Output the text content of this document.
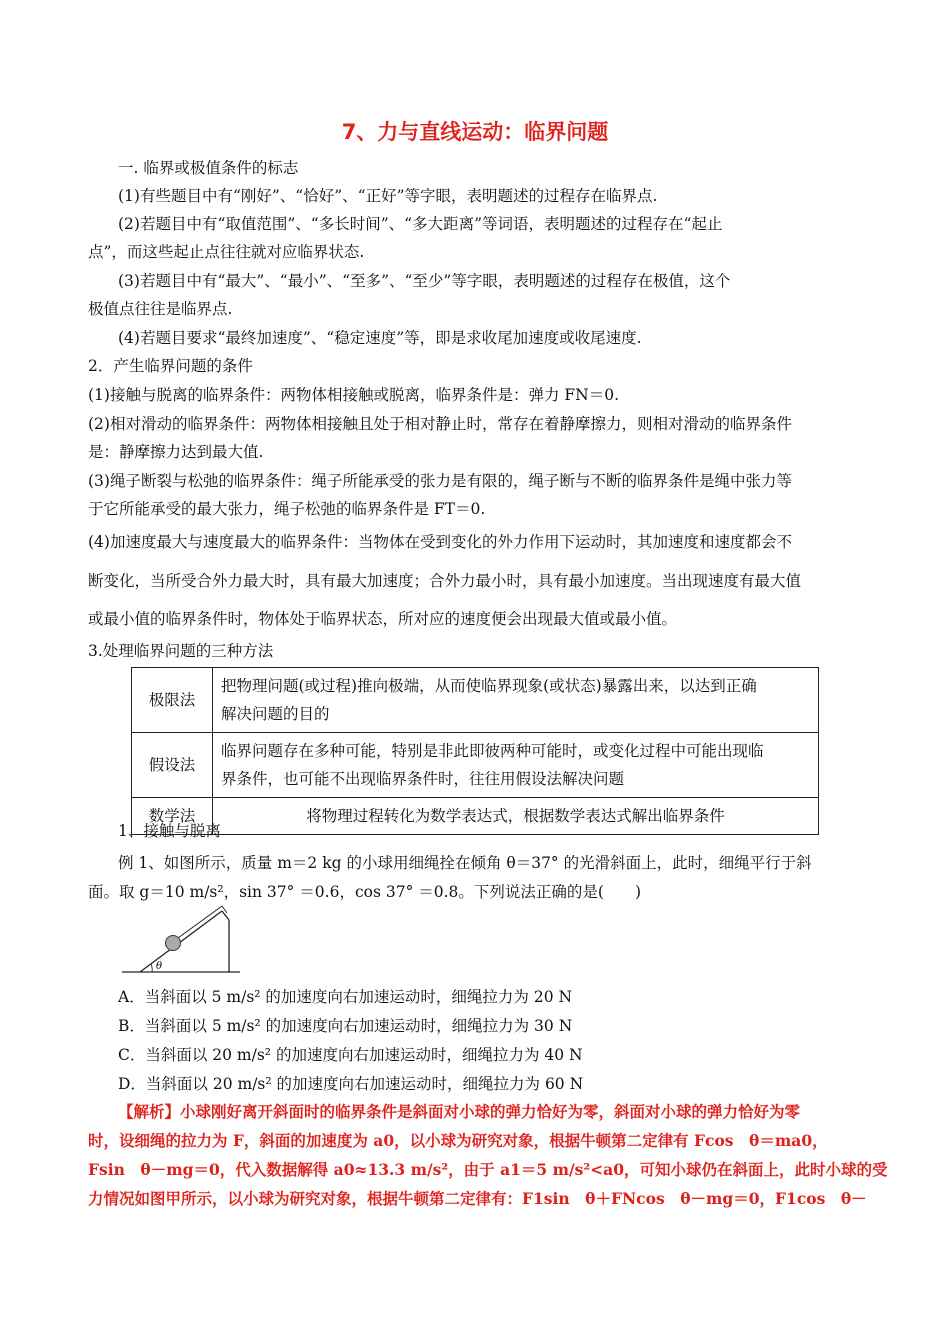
7、力与直线运动：临界问题
一. 临界或极值条件的标志
(1)有些题目中有“刚好”、“恰好”、“正好”等字眼，表明题述的过程存在临界点.
(2)若题目中有“取值范围”、“多长时间”、“多大距离”等词语，表明题述的过程存在“起止
点”，而这些起止点往往就对应临界状态.
(3)若题目中有“最大”、“最小”、“至多”、“至少”等字眼，表明题述的过程存在极值，这个
极值点往往是临界点.
(4)若题目要求“最终加速度”、“稳定速度”等，即是求收尾加速度或收尾速度.
2．产生临界问题的条件
(1)接触与脱离的临界条件：两物体相接触或脱离，临界条件是：弹力 FN＝0.
(2)相对滑动的临界条件：两物体相接触且处于相对静止时，常存在着静摩擦力，则相对滑动的临界条件
是：静摩擦力达到最大值.
(3)绳子断裂与松弛的临界条件：绳子所能承受的张力是有限的，绳子断与不断的临界条件是绳中张力等
于它所能承受的最大张力，绳子松弛的临界条件是 FT＝0.
(4)加速度最大与速度最大的临界条件：当物体在受到变化的外力作用下运动时，其加速度和速度都会不
断变化，当所受合外力最大时，具有最大加速度；合外力最小时，具有最小加速度。当出现速度有最大值
或最小值的临界条件时，物体处于临界状态，所对应的速度便会出现最大值或最小值。
3.处理临界问题的三种方法
极限法	把物理问题(或过程)推向极端，从而使临界现象(或状态)暴露出来，以达到正确
解决问题的目的

假设法	临界问题存在多种可能，特别是非此即彼两种可能时，或变化过程中可能出现临
界条件，也可能不出现临界条件时，往往用假设法解决问题

数学法	将物理过程转化为数学表达式，根据数学表达式解出临界条件
1、接触与脱离
例 1、如图所示，质量 m＝2 kg 的小球用细绳拴在倾角 θ＝37° 的光滑斜面上，此时，细绳平行于斜
面。取 g＝10 m/s²，sin 37° ＝0.6，cos 37° ＝0.8。下列说法正确的是(　　)
θ
A．当斜面以 5 m/s² 的加速度向右加速运动时，细绳拉力为 20 N
B．当斜面以 5 m/s² 的加速度向右加速运动时，细绳拉力为 30 N
C．当斜面以 20 m/s² 的加速度向右加速运动时，细绳拉力为 40 N
D．当斜面以 20 m/s² 的加速度向右加速运动时，细绳拉力为 60 N
【解析】小球刚好离开斜面时的临界条件是斜面对小球的弹力恰好为零，斜面对小球的弹力恰好为零
时，设细绳的拉力为 F，斜面的加速度为 a0，以小球为研究对象，根据牛顿第二定律有 Fcos　θ＝ma0，
Fsin　θ－mg＝0，代入数据解得 a0≈13.3 m/s²，由于 a1＝5 m/s²<a0，可知小球仍在斜面上，此时小球的受
力情况如图甲所示，以小球为研究对象，根据牛顿第二定律有：F1sin　θ＋FNcos　θ－mg＝0，F1cos　θ－
